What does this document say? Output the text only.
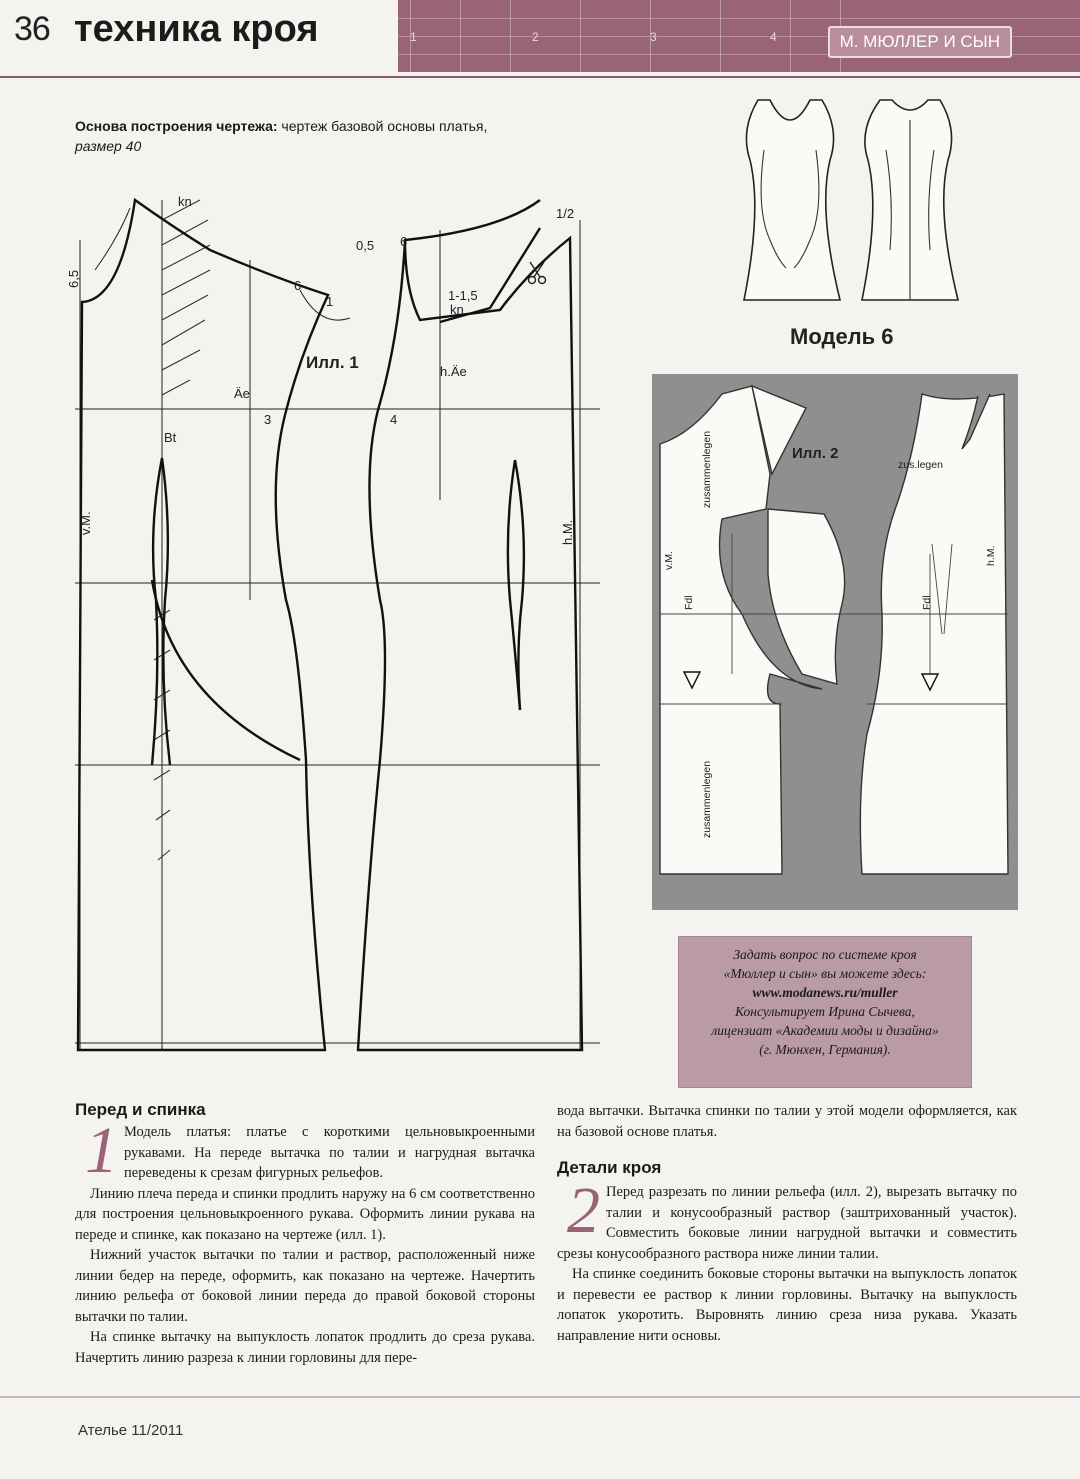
36 техника кроя	1	2	3	4	М. МЮЛЛЕР И СЫН
Основа построения чертежа: чертеж базовой основы платья,
размер 40
kn
6,5	6
1
Äe
3
Bt
v.M.
0,5 6
1/2
1-1,5
kn
h.Äe
4
h.M.
Илл. 1
Модель 6
zusammenlegen
zusammenlegen
zus.legen
v.M.
Fdl	Fdl
h.M.
Илл. 2
Задать вопрос по системе кроя
«Мюллер и сын» вы можете здесь:
www.modanews.ru/muller
Консультирует Ирина Сычева,
лицензиат «Академии моды и дизайна»
(г. Мюнхен, Германия).
Перед и спинка
1 Модель платья: платье с короткими цельновыкроенными рукавами. На переде вытачка по талии и нагрудная вытачка переведены к срезам фигурных рельефов.

Линию плеча переда и спинки продлить наружу на 6 см соответственно для построения цельновыкроенного рукава. Оформить линии рукава на переде и спинке, как показано на чертеже (илл. 1).

Нижний участок вытачки по талии и раствор, расположенный ниже линии бедер на переде, оформить, как показано на чертеже. Начертить линию рельефа от боковой линии переда до правой боковой стороны вытачки по талии.

На спинке вытачку на выпуклость лопаток продлить до среза рукава. Начертить линию разреза к линии горловины для пере-

вода вытачки. Вытачка спинки по талии у этой модели оформляется, как на базовой основе платья.

Детали кроя
2 Перед разрезать по линии рельефа (илл. 2), вырезать вытачку по талии и конусообразный раствор (заштрихованный участок). Совместить боковые линии нагрудной вытачки и совместить срезы конусообразного раствора ниже линии талии.

На спинке соединить боковые стороны вытачки на выпуклость лопаток и перевести ее раствор к линии горловины. Вытачку на выпуклость лопаток укоротить. Выровнять линию среза низа рукава. Указать направление нити основы.

Ателье 11/2011
